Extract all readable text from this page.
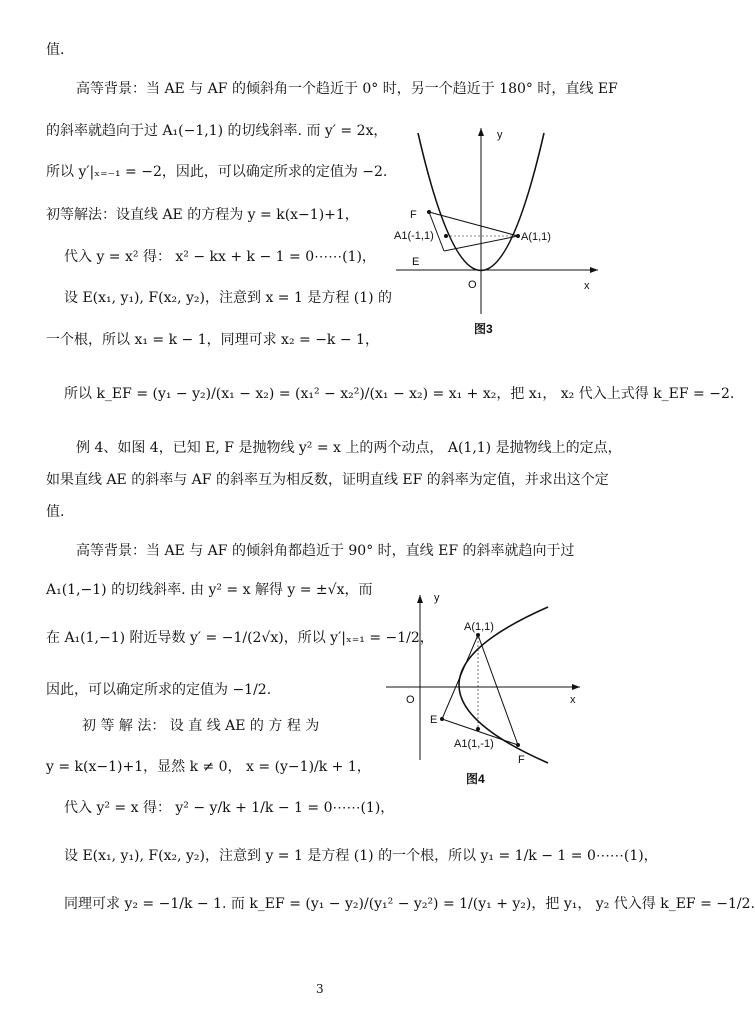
值.
高等背景：当 AE 与 AF 的倾斜角一个趋近于 0° 时，另一个趋近于 180° 时，直线 EF
的斜率就趋向于过 A₁(−1,1) 的切线斜率. 而 y′ = 2x，
所以 y′|ₓ₌₋₁ = −2，因此，可以确定所求的定值为 −2.
初等解法：设直线 AE 的方程为 y = k(x−1)+1，
代入 y = x² 得： x² − kx + k − 1 = 0⋯⋯(1)，
设 E(x₁, y₁), F(x₂, y₂)，注意到 x = 1 是方程 (1) 的
一个根，所以 x₁ = k − 1，同理可求 x₂ = −k − 1，
所以 k_EF = (y₁ − y₂)/(x₁ − x₂) = (x₁² − x₂²)/(x₁ − x₂) = x₁ + x₂，把 x₁， x₂ 代入上式得 k_EF = −2.
例 4、如图 4，已知 E, F 是抛物线 y² = x 上的两个动点， A(1,1) 是抛物线上的定点，
如果直线 AE 的斜率与 AF 的斜率互为相反数，证明直线 EF 的斜率为定值，并求出这个定
值.
高等背景：当 AE 与 AF 的倾斜角都趋近于 90° 时，直线 EF 的斜率就趋向于过
A₁(1,−1) 的切线斜率. 由 y² = x 解得 y = ±√x，而
在 A₁(1,−1) 附近导数 y′ = −1/(2√x)，所以 y′|ₓ₌₁ = −1/2，
因此，可以确定所求的定值为 −1/2.
初 等 解 法： 设 直 线 AE 的 方 程 为
y = k(x−1)+1，显然 k ≠ 0， x = (y−1)/k + 1，
代入 y² = x 得： y² − y/k + 1/k − 1 = 0⋯⋯(1)，
设 E(x₁, y₁), F(x₂, y₂)，注意到 y = 1 是方程 (1) 的一个根，所以 y₁ = 1/k − 1 = 0⋯⋯(1)，
同理可求 y₂ = −1/k − 1. 而 k_EF = (y₁ − y₂)/(y₁² − y₂²) = 1/(y₁ + y₂)，把 y₁， y₂ 代入得 k_EF = −1/2.
y
x
O
F
A1(-1,1)	A(1,1)
E
图3
y
x
O
A(1,1)
E
A1(1,-1)
F
图4
3
